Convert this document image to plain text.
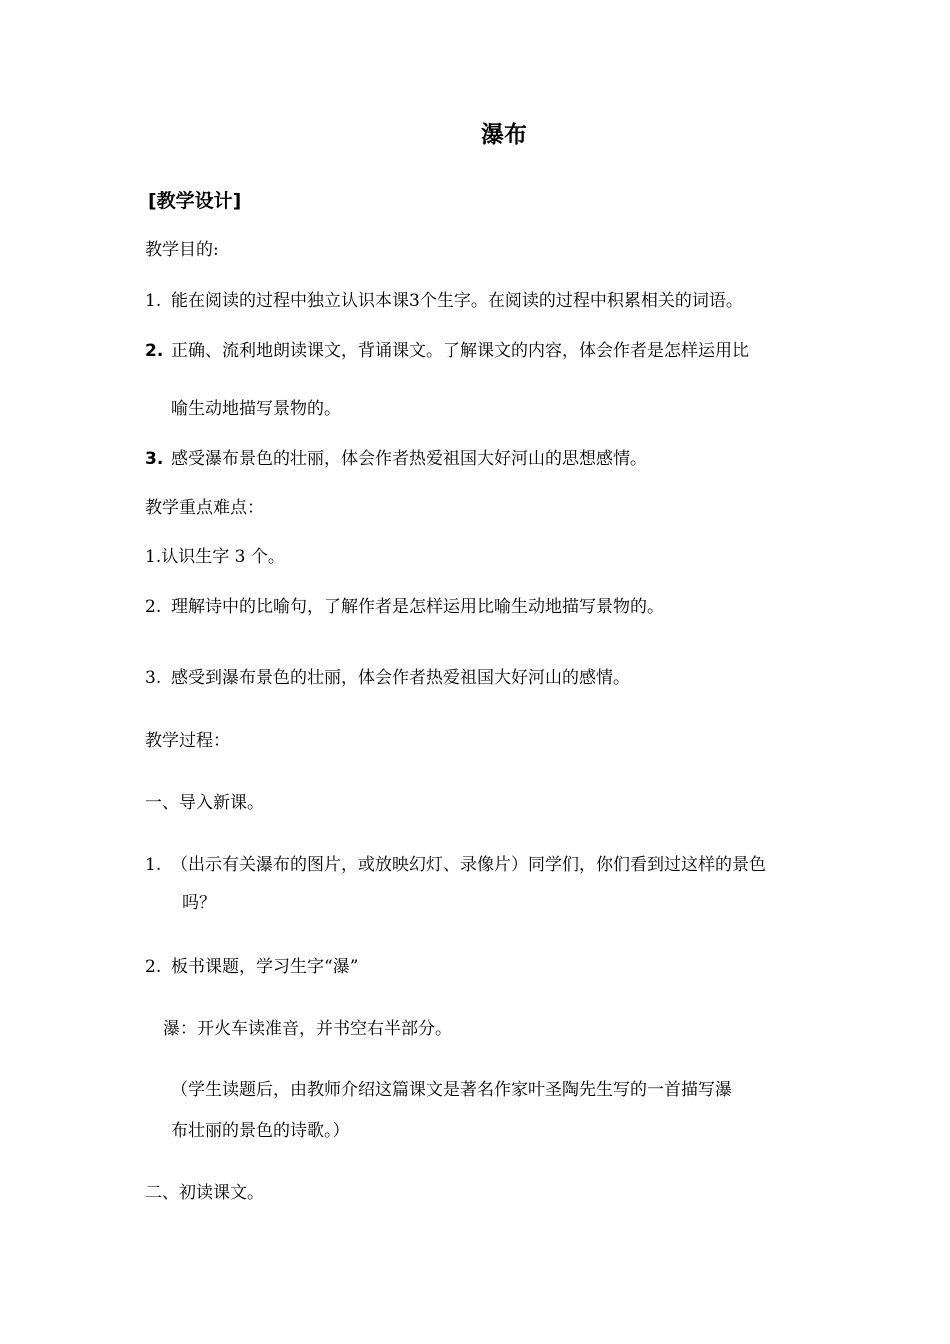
瀑布
[教学设计]
教学目的:
1. 能在阅读的过程中独立认识本课3个生字。在阅读的过程中积累相关的词语。
2. 正确、流利地朗读课文，背诵课文。了解课文的内容，体会作者是怎样运用比
喻生动地描写景物的。
3. 感受瀑布景色的壮丽，体会作者热爱祖国大好河山的思想感情。
教学重点难点：
1.认识生字 3 个。
2. 理解诗中的比喻句，了解作者是怎样运用比喻生动地描写景物的。
3. 感受到瀑布景色的壮丽，体会作者热爱祖国大好河山的感情。
教学过程：
一、导入新课。
1. （出示有关瀑布的图片，或放映幻灯、录像片）同学们，你们看到过这样的景色
吗？
2. 板书课题，学习生字“瀑”
瀑：开火车读准音，并书空右半部分。
（学生读题后，由教师介绍这篇课文是著名作家叶圣陶先生写的一首描写瀑
布壮丽的景色的诗歌。）
二、初读课文。
